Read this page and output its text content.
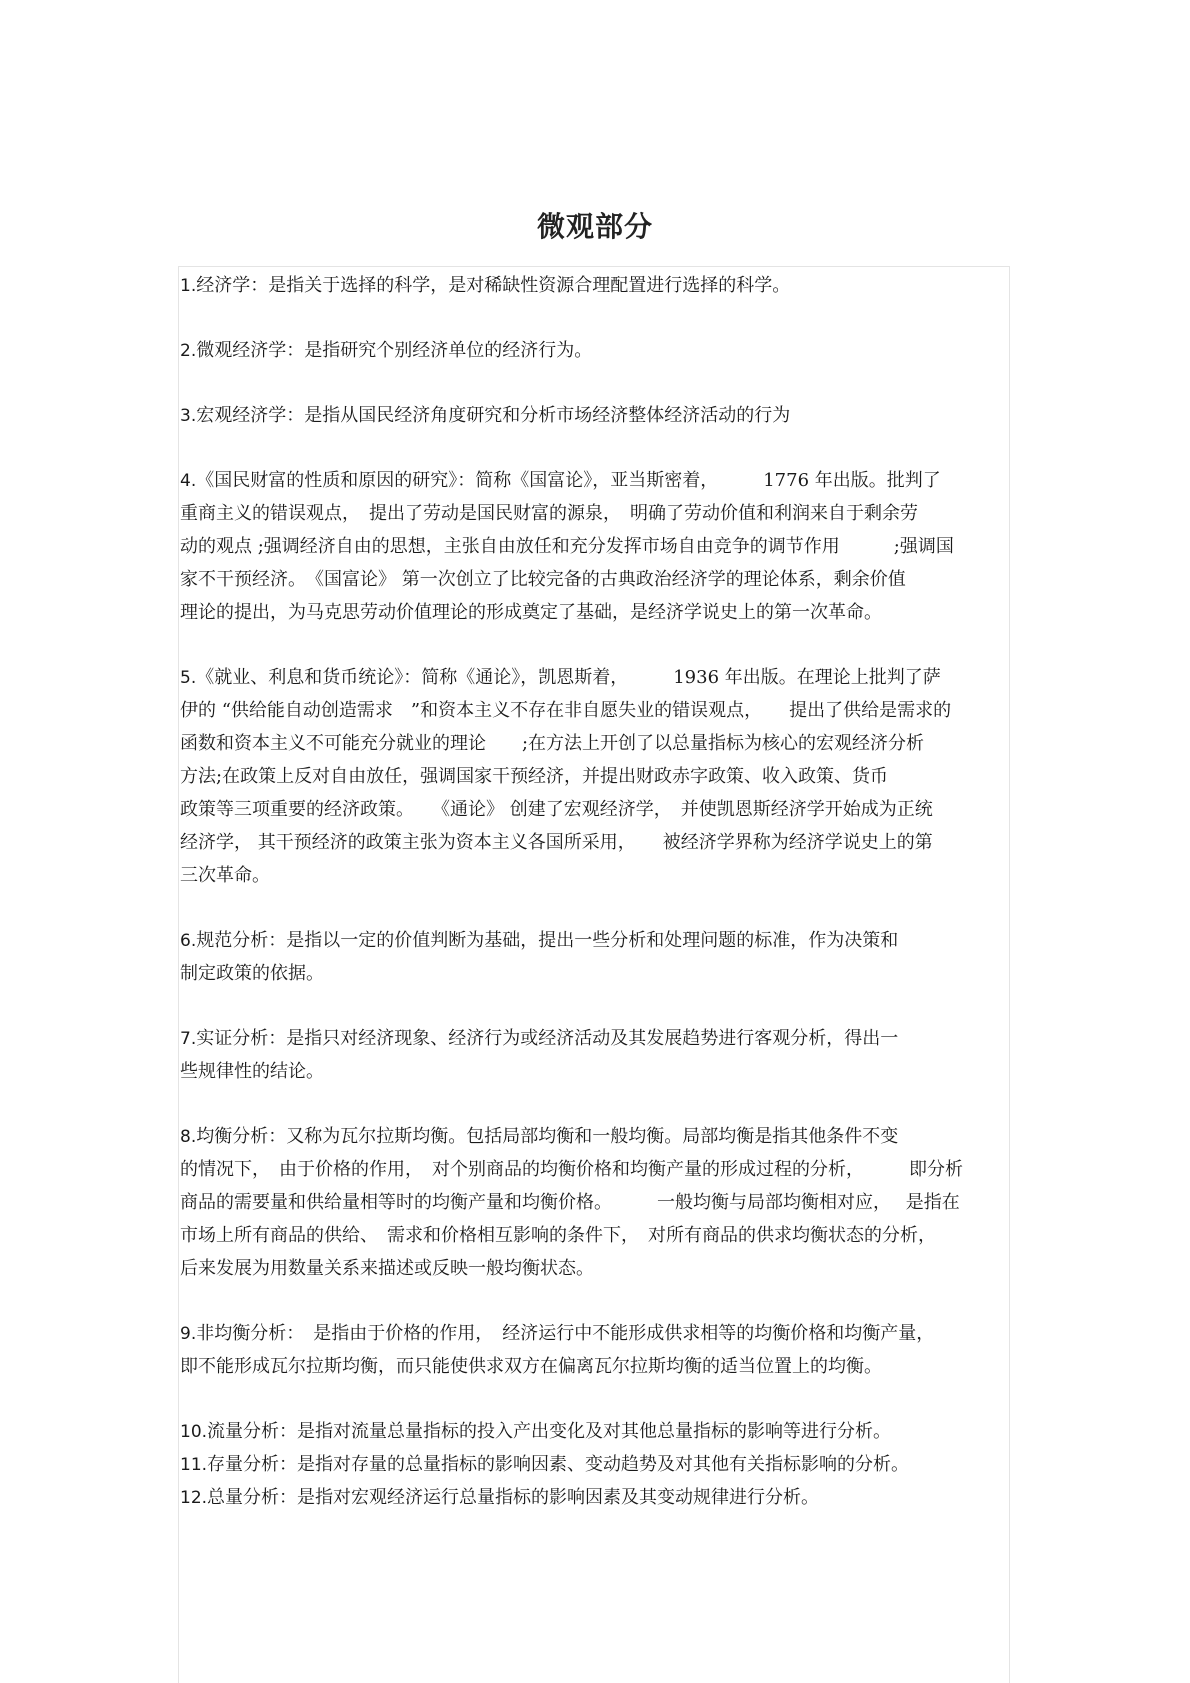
微观部分
1.经济学：是指关于选择的科学，是对稀缺性资源合理配置进行选择的科学。
2.微观经济学：是指研究个别经济单位的经济行为。
3.宏观经济学：是指从国民经济角度研究和分析市场经济整体经济活动的行为
4.《国民财富的性质和原因的研究》：简称《国富论》，亚当斯密着，　　　1776 年出版。批判了
重商主义的错误观点，　提出了劳动是国民财富的源泉，　明确了劳动价值和利润来自于剩余劳
动的观点 ;强调经济自由的思想，主张自由放任和充分发挥市场自由竞争的调节作用　　　;强调国
家不干预经济。　《国富论》 第一次创立了比较完备的古典政治经济学的理论体系，剩余价值
理论的提出，为马克思劳动价值理论的形成奠定了基础，是经济学说史上的第一次革命。
5.《就业、利息和货币统论》：简称《通论》，凯恩斯着，　　　1936 年出版。在理论上批判了萨
伊的 “供给能自动创造需求　”和资本主义不存在非自愿失业的错误观点，　　提出了供给是需求的
函数和资本主义不可能充分就业的理论　　;在方法上开创了以总量指标为核心的宏观经济分析
方法;在政策上反对自由放任，强调国家干预经济，并提出财政赤字政策、收入政策、货币
政策等三项重要的经济政策。　　《通论》 创建了宏观经济学，　并使凯恩斯经济学开始成为正统
经济学， 其干预经济的政策主张为资本主义各国所采用，　　被经济学界称为经济学说史上的第
三次革命。
6.规范分析：是指以一定的价值判断为基础，提出一些分析和处理问题的标准，作为决策和
制定政策的依据。
7.实证分析：是指只对经济现象、经济行为或经济活动及其发展趋势进行客观分析，得出一
些规律性的结论。
8.均衡分析：又称为瓦尔拉斯均衡。包括局部均衡和一般均衡。局部均衡是指其他条件不变
的情况下，　由于价格的作用，　对个别商品的均衡价格和均衡产量的形成过程的分析，　　　即分析
商品的需要量和供给量相等时的均衡产量和均衡价格。　　　一般均衡与局部均衡相对应，　 是指在
市场上所有商品的供给、　需求和价格相互影响的条件下，　对所有商品的供求均衡状态的分析，
后来发展为用数量关系来描述或反映一般均衡状态。
9.非均衡分析：　是指由于价格的作用，　经济运行中不能形成供求相等的均衡价格和均衡产量，
即不能形成瓦尔拉斯均衡，而只能使供求双方在偏离瓦尔拉斯均衡的适当位置上的均衡。
10.流量分析：是指对流量总量指标的投入产出变化及对其他总量指标的影响等进行分析。
11.存量分析：是指对存量的总量指标的影响因素、变动趋势及对其他有关指标影响的分析。
12.总量分析：是指对宏观经济运行总量指标的影响因素及其变动规律进行分析。
